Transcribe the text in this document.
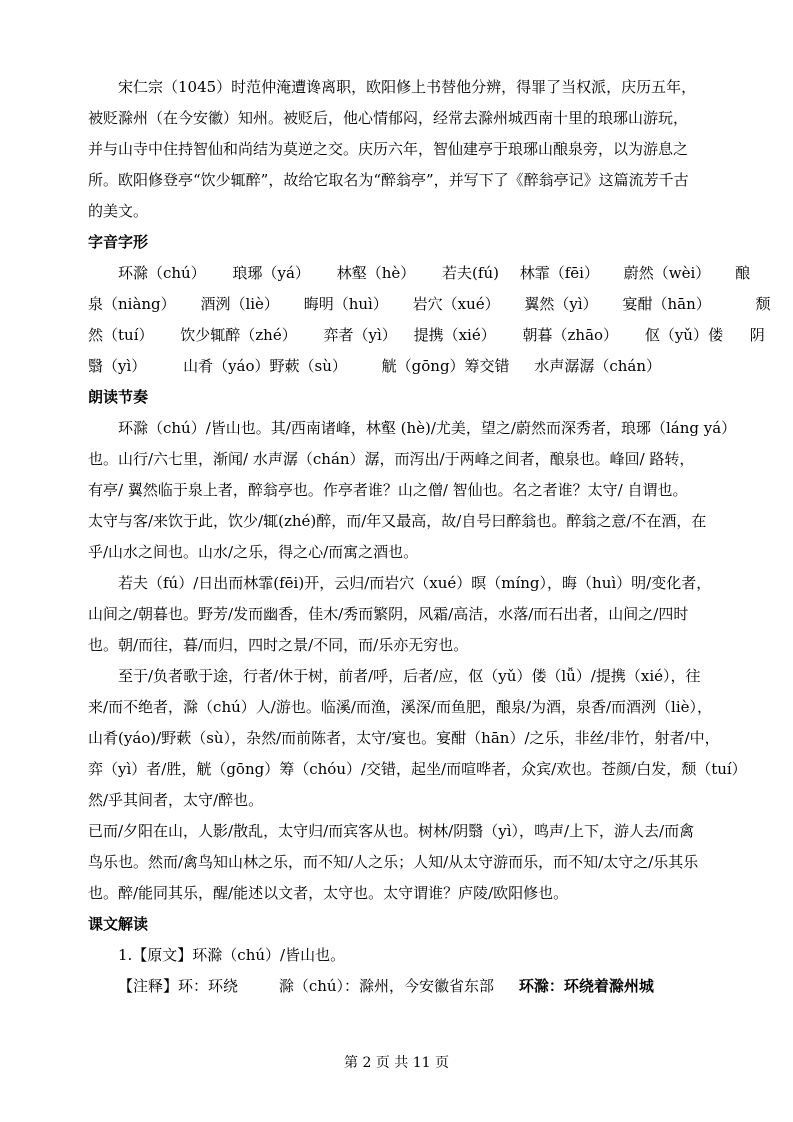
宋仁宗（1045）时范仲淹遭谗离职，欧阳修上书替他分辨，得罪了当权派，庆历五年，
被贬滁州（在今安徽）知州。被贬后，他心情郁闷，经常去滁州城西南十里的琅琊山游玩，
并与山寺中住持智仙和尚结为莫逆之交。庆历六年，智仙建亭于琅琊山酿泉旁，以为游息之
所。欧阳修登亭“饮少辄醉”，故给它取名为“醉翁亭”，并写下了《醉翁亭记》这篇流芳千古
的美文。
字音字形
环滁（chú） 琅琊（yá） 林壑（hè） 若夫(fú) 林霏（fēi） 蔚然（wèi） 酿
泉（niàng） 酒洌（liè） 晦明（huì） 岩穴（xué） 翼然（yì） 宴酣（hān）	颓
然（tuí） 饮少辄醉（zhé） 弈者（yì） 提携（xié） 朝暮（zhāo） 伛（yǔ）偻 阴
翳（yì） 山肴（yáo）野蔌（sù） 觥（gōng）筹交错 水声潺潺（chán）
朗读节奏
环滁（chú）/皆山也。其/西南诸峰，林壑 (hè)/尤美，望之/蔚然而深秀者，琅琊（láng yá）
也。山行/六七里，渐闻/ 水声潺（chán）潺，而泻出/于两峰之间者，酿泉也。峰回/ 路转，
有亭/ 翼然临于泉上者，醉翁亭也。作亭者谁？山之僧/ 智仙也。名之者谁？太守/ 自谓也。
太守与客/来饮于此，饮少/辄(zhé)醉，而/年又最高，故/自号曰醉翁也。醉翁之意/不在酒，在
乎/山水之间也。山水/之乐，得之心/而寓之酒也。
若夫（fú）/日出而林霏(fēi)开，云归/而岩穴（xué）暝（míng），晦（huì）明/变化者，
山间之/朝暮也。野芳/发而幽香，佳木/秀而繁阴，风霜/高洁，水落/而石出者，山间之/四时
也。朝/而往，暮/而归，四时之景/不同，而/乐亦无穷也。
至于/负者歌于途，行者/休于树，前者/呼，后者/应，伛（yǔ）偻（lǚ）/提携（xié），往
来/而不绝者，滁（chú）人/游也。临溪/而渔，溪深/而鱼肥，酿泉/为酒，泉香/而酒洌（liè），
山肴(yáo)/野蔌（sù），杂然/而前陈者，太守/宴也。宴酣（hān）/之乐，非丝/非竹，射者/中，
弈（yì）者/胜，觥（gōng）筹（chóu）/交错，起坐/而喧哗者，众宾/欢也。苍颜/白发，颓（tuí）
然/乎其间者，太守/醉也。
已而/夕阳在山，人影/散乱，太守归/而宾客从也。树林/阴翳（yì），鸣声/上下，游人去/而禽
鸟乐也。然而/禽鸟知山林之乐，而不知/人之乐；人知/从太守游而乐，而不知/太守之/乐其乐
也。醉/能同其乐，醒/能述以文者，太守也。太守谓谁？庐陵/欧阳修也。
课文解读
1.【原文】环滁（chú）/皆山也。
【注释】环：环绕	滁（chú）：滁州，今安徽省东部 环滁：环绕着滁州城
第 2 页 共 11 页
